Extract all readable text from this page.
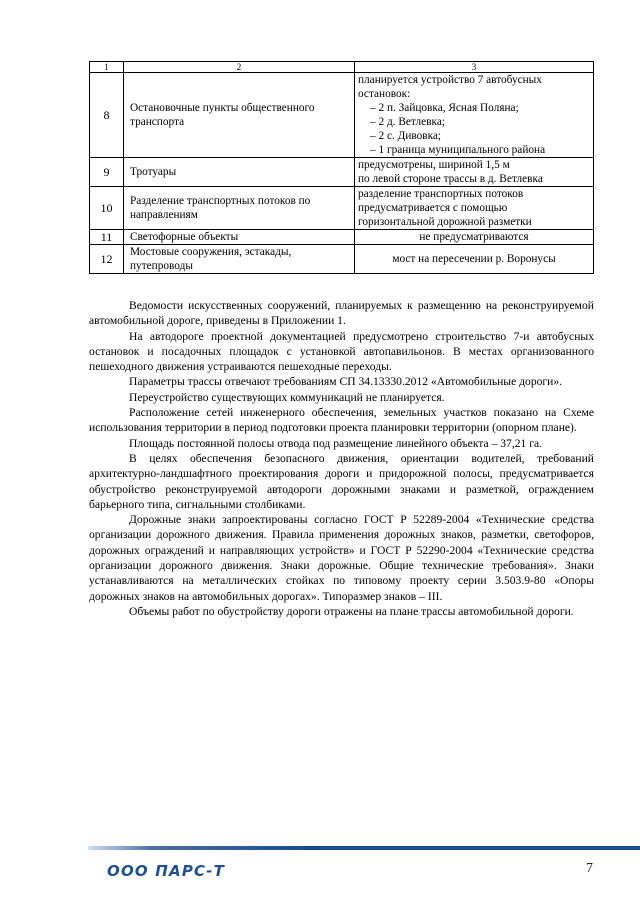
1	2	3
8	Остановочные пункты общественного транспорта	планируется устройство 7 автобусных остановок:
– 2 п. Зайцовка, Ясная Поляна;
– 2 д. Ветлевка;
– 2 с. Дивовка;
– 1 граница муниципального района

9	Тротуары	предусмотрены, шириной 1,5 м
по левой стороне трассы в д. Ветлевка

10	Разделение транспортных потоков по направлениям	разделение транспортных потоков
предусматривается с помощью
горизонтальной дорожной разметки

11	Светофорные объекты	не предусматриваются
12	Мостовые сооружения, эстакады, путепроводы	мост на пересечении р. Воронусы

Ведомости искусственных сооружений, планируемых к размещению на реконструируемой автомобильной дороге, приведены в Приложении 1.

На автодороге проектной документацией предусмотрено строительство 7-и автобусных остановок и посадочных площадок с установкой автопавильонов. В местах организованного пешеходного движения устраиваются пешеходные переходы.

Параметры трассы отвечают требованиям СП 34.13330.2012 «Автомобильные дороги».

Переустройство существующих коммуникаций не планируется.

Расположение сетей инженерного обеспечения, земельных участков показано на Схеме использования территории в период подготовки проекта планировки территории (опорном плане).

Площадь постоянной полосы отвода под размещение линейного объекта – 37,21 га.

В целях обеспечения безопасного движения, ориентации водителей, требований архитектурно-ландшафтного проектирования дороги и придорожной полосы, предусматривается обустройство реконструируемой автодороги дорожными знаками и разметкой, ограждением барьерного типа, сигнальными столбиками.

Дорожные знаки запроектированы согласно ГОСТ Р 52289-2004 «Технические средства организации дорожного движения. Правила применения дорожных знаков, разметки, светофоров, дорожных ограждений и направляющих устройств» и ГОСТ Р 52290-2004 «Технические средства организации дорожного движения. Знаки дорожные. Общие технические требования». Знаки устанавливаются на металлических стойках по типовому проекту серии 3.503.9-80 «Опоры дорожных знаков на автомобильных дорогах». Типоразмер знаков – III.

Объемы работ по обустройству дороги отражены на плане трассы автомобильной дороги.

ООО ПАРС-Т	7
